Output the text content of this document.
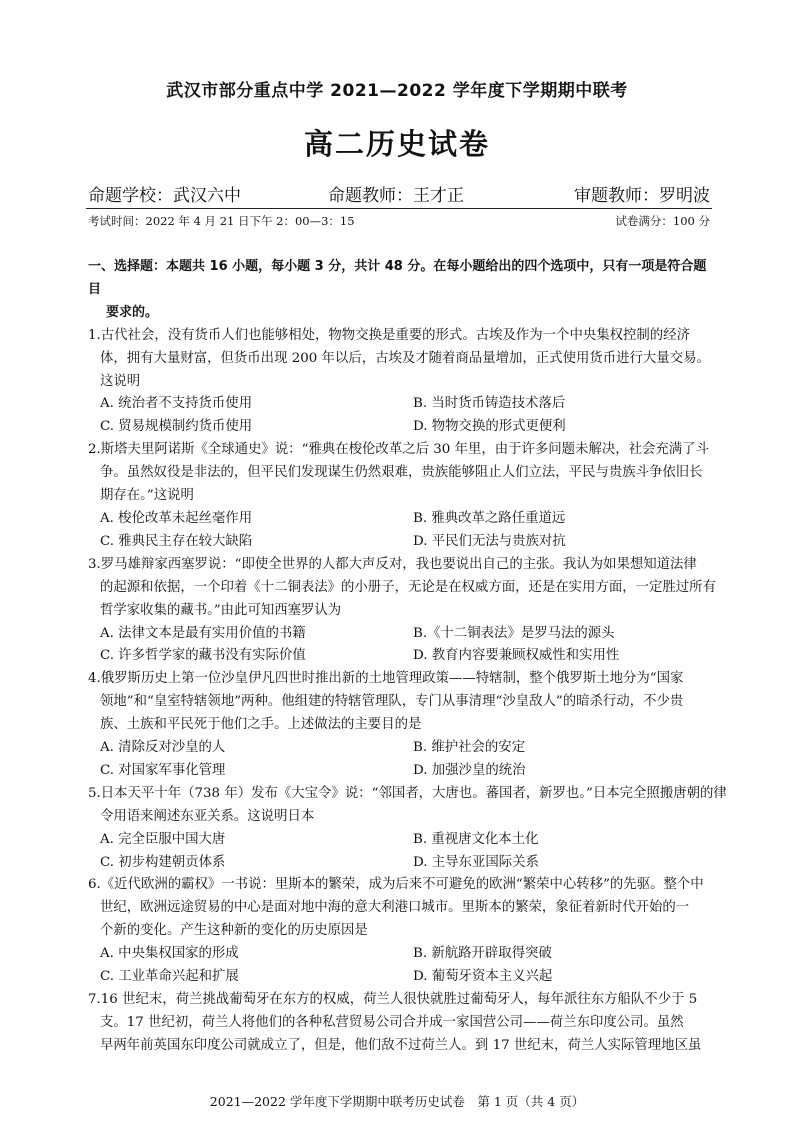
武汉市部分重点中学 2021—2022 学年度下学期期中联考
高二历史试卷
命题学校：武汉六中	命题教师：王才正	审题教师：罗明波
考试时间：2022 年 4 月 21 日下午 2：00—3：15	试卷满分：100 分

一、选择题：本题共 16 小题，每小题 3 分，共计 48 分。在每小题给出的四个选项中，只有一项是符合题目

要求的。

1.古代社会，没有货币人们也能够相处，物物交换是重要的形式。古埃及作为一个中央集权控制的经济

体，拥有大量财富，但货币出现 200 年以后，古埃及才随着商品量增加，正式使用货币进行大量交易。

这说明

A. 统治者不支持货币使用	B. 当时货币铸造技术落后
C. 贸易规模制约货币使用	D. 物物交换的形式更便利

2.斯塔夫里阿诺斯《全球通史》说：“雅典在梭伦改革之后 30 年里，由于许多问题未解决，社会充满了斗

争。虽然奴役是非法的，但平民们发现谋生仍然艰难，贵族能够阻止人们立法，平民与贵族斗争依旧长

期存在。”这说明

A. 梭伦改革未起丝毫作用	B. 雅典改革之路任重道远
C. 雅典民主存在较大缺陷	D. 平民们无法与贵族对抗

3.罗马雄辩家西塞罗说：“即使全世界的人都大声反对，我也要说出自己的主张。我认为如果想知道法律

的起源和依据，一个印着《十二铜表法》的小册子，无论是在权威方面，还是在实用方面，一定胜过所有

哲学家收集的藏书。”由此可知西塞罗认为

A. 法律文本是最有实用价值的书籍	B.《十二铜表法》是罗马法的源头
C. 许多哲学家的藏书没有实际价值	D. 教育内容要兼顾权威性和实用性

4.俄罗斯历史上第一位沙皇伊凡四世时推出新的土地管理政策——特辖制，整个俄罗斯土地分为“国家

领地”和“皇室特辖领地”两种。他组建的特辖管理队，专门从事清理“沙皇敌人”的暗杀行动，不少贵

族、土族和平民死于他们之手。上述做法的主要目的是

A. 清除反对沙皇的人	B. 维护社会的安定
C. 对国家军事化管理	D. 加强沙皇的统治

5.日本天平十年（738 年）发布《大宝令》说：“邻国者，大唐也。蕃国者，新罗也。”日本完全照搬唐朝的律

令用语来阐述东亚关系。这说明日本

A. 完全臣服中国大唐	B. 重视唐文化本土化
C. 初步构建朝贡体系	D. 主导东亚国际关系

6.《近代欧洲的霸权》一书说：里斯本的繁荣，成为后来不可避免的欧洲“繁荣中心转移”的先驱。整个中

世纪，欧洲远途贸易的中心是面对地中海的意大利港口城市。里斯本的繁荣，象征着新时代开始的一

个新的变化。产生这种新的变化的历史原因是

A. 中央集权国家的形成	B. 新航路开辟取得突破
C. 工业革命兴起和扩展	D. 葡萄牙资本主义兴起

7.16 世纪末，荷兰挑战葡萄牙在东方的权威，荷兰人很快就胜过葡萄牙人，每年派往东方船队不少于 5

支。17 世纪初，荷兰人将他们的各种私营贸易公司合并成一家国营公司——荷兰东印度公司。虽然

早两年前英国东印度公司就成立了，但是，他们敌不过荷兰人。到 17 世纪末，荷兰人实际管理地区虽

2021—2022 学年度下学期期中联考历史试卷　第 1 页（共 4 页）
